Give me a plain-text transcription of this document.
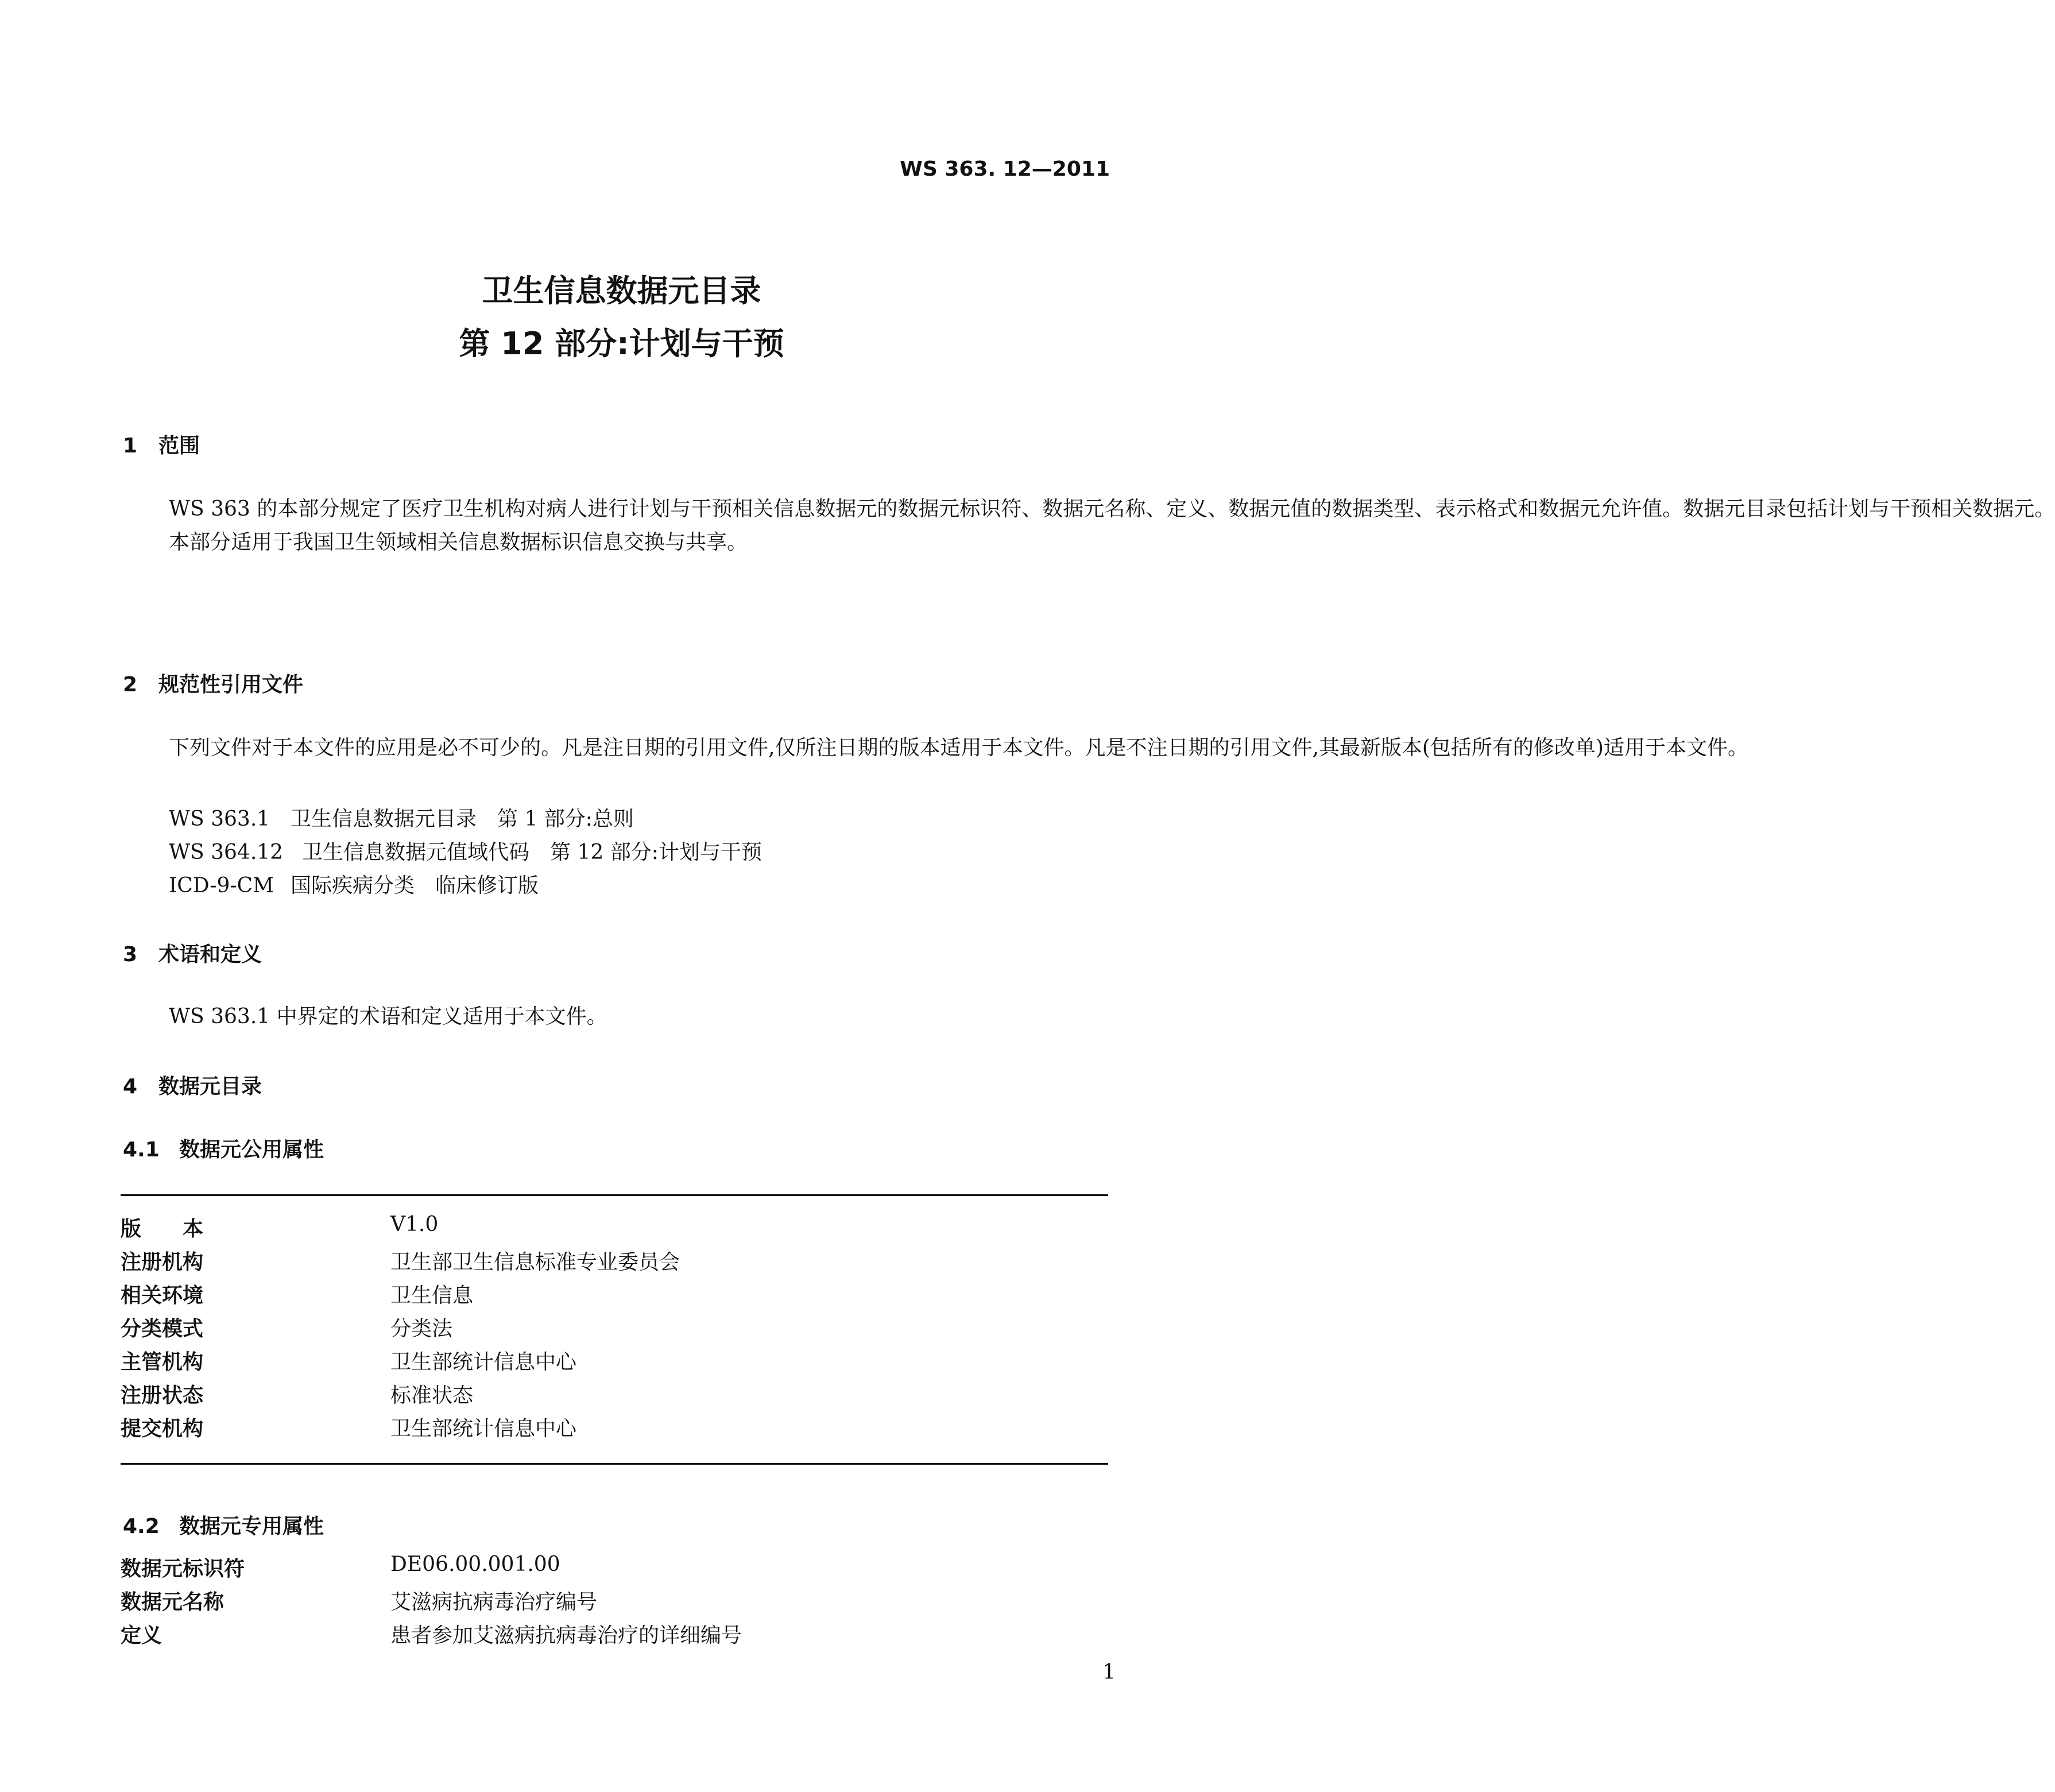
WS 363. 12—2011
卫生信息数据元目录
第 12 部分:计划与干预
1 范围

WS 363 的本部分规定了医疗卫生机构对病人进行计划与干预相关信息数据元的数据元标识符、数据元名称、定义、数据元值的数据类型、表示格式和数据元允许值。数据元目录包括计划与干预相关数据元。

本部分适用于我国卫生领域相关信息数据标识信息交换与共享。

2 规范性引用文件

下列文件对于本文件的应用是必不可少的。凡是注日期的引用文件,仅所注日期的版本适用于本文件。凡是不注日期的引用文件,其最新版本(包括所有的修改单)适用于本文件。

WS 363.1 卫生信息数据元目录　第 1 部分:总则
WS 364.12 卫生信息数据元值域代码　第 12 部分:计划与干预
ICD-9-CM 国际疾病分类　临床修订版
3 术语和定义

WS 363.1 中界定的术语和定义适用于本文件。

4 数据元目录
4.1 数据元公用属性
版　　本	V1.0
注册机构	卫生部卫生信息标准专业委员会
相关环境	卫生信息
分类模式	分类法
主管机构	卫生部统计信息中心
注册状态	标准状态
提交机构	卫生部统计信息中心
4.2 数据元专用属性
数据元标识符	DE06.00.001.00
数据元名称	艾滋病抗病毒治疗编号
定义	患者参加艾滋病抗病毒治疗的详细编号
1
